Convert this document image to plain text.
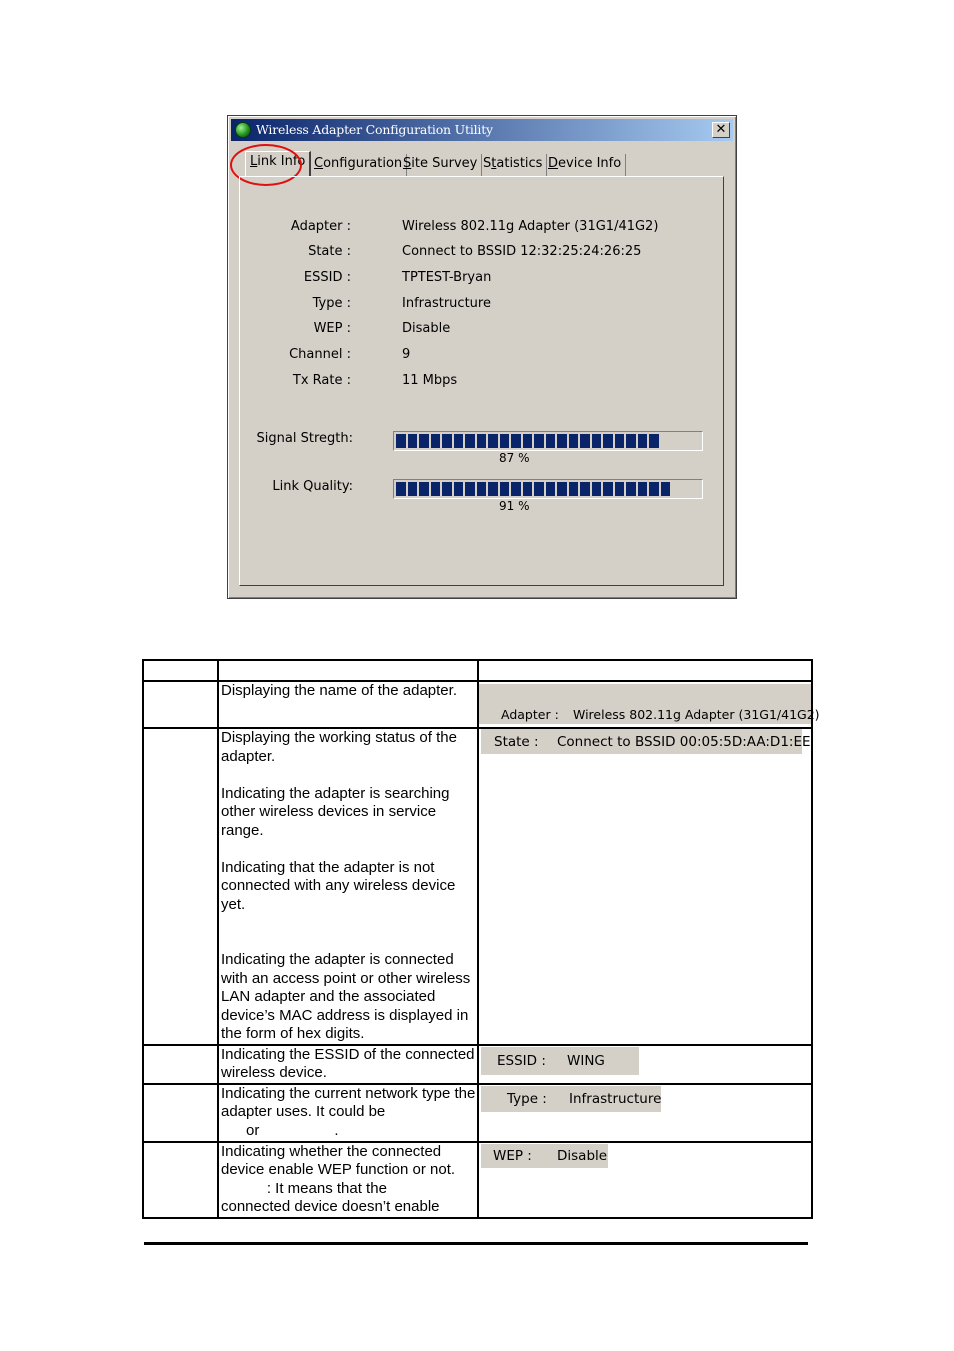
Wireless Adapter Configuration Utility	✕
Link Info Configuration Site Survey Statistics Device Info
Adapter :	Wireless 802.11g Adapter (31G1/41G2)
State :	Connect to BSSID 12:32:25:24:26:25
ESSID :	TPTEST-Bryan
Type :	Infrastructure
WEP :	Disable
Channel :	9
Tx Rate :	11 Mbps
Signal Stregth:
87 %
Link Quality:
91 %

	Displaying the name of the adapter.	Adapter : Wireless 802.11g Adapter (31G1/41G2)

	Displaying the working status of the adapter.
Indicating the adapter is searching other wireless devices in service range.
Indicating that the adapter is not connected with any wireless device yet.
Indicating the adapter is connected with an access point or other wireless LAN adapter and the associated device’s MAC address is displayed in the form of hex digits.	State : Connect to BSSID 00:05:5D:AA:D1:EE

	Indicating the ESSID of the connected wireless device.	ESSID : WING

	Indicating the current network type the adapter uses. It could be
or                  .	Type : Infrastructure

	Indicating whether the connected device enable WEP function or not.
: It means that the
connected device doesn’t enable	WEP : Disable
